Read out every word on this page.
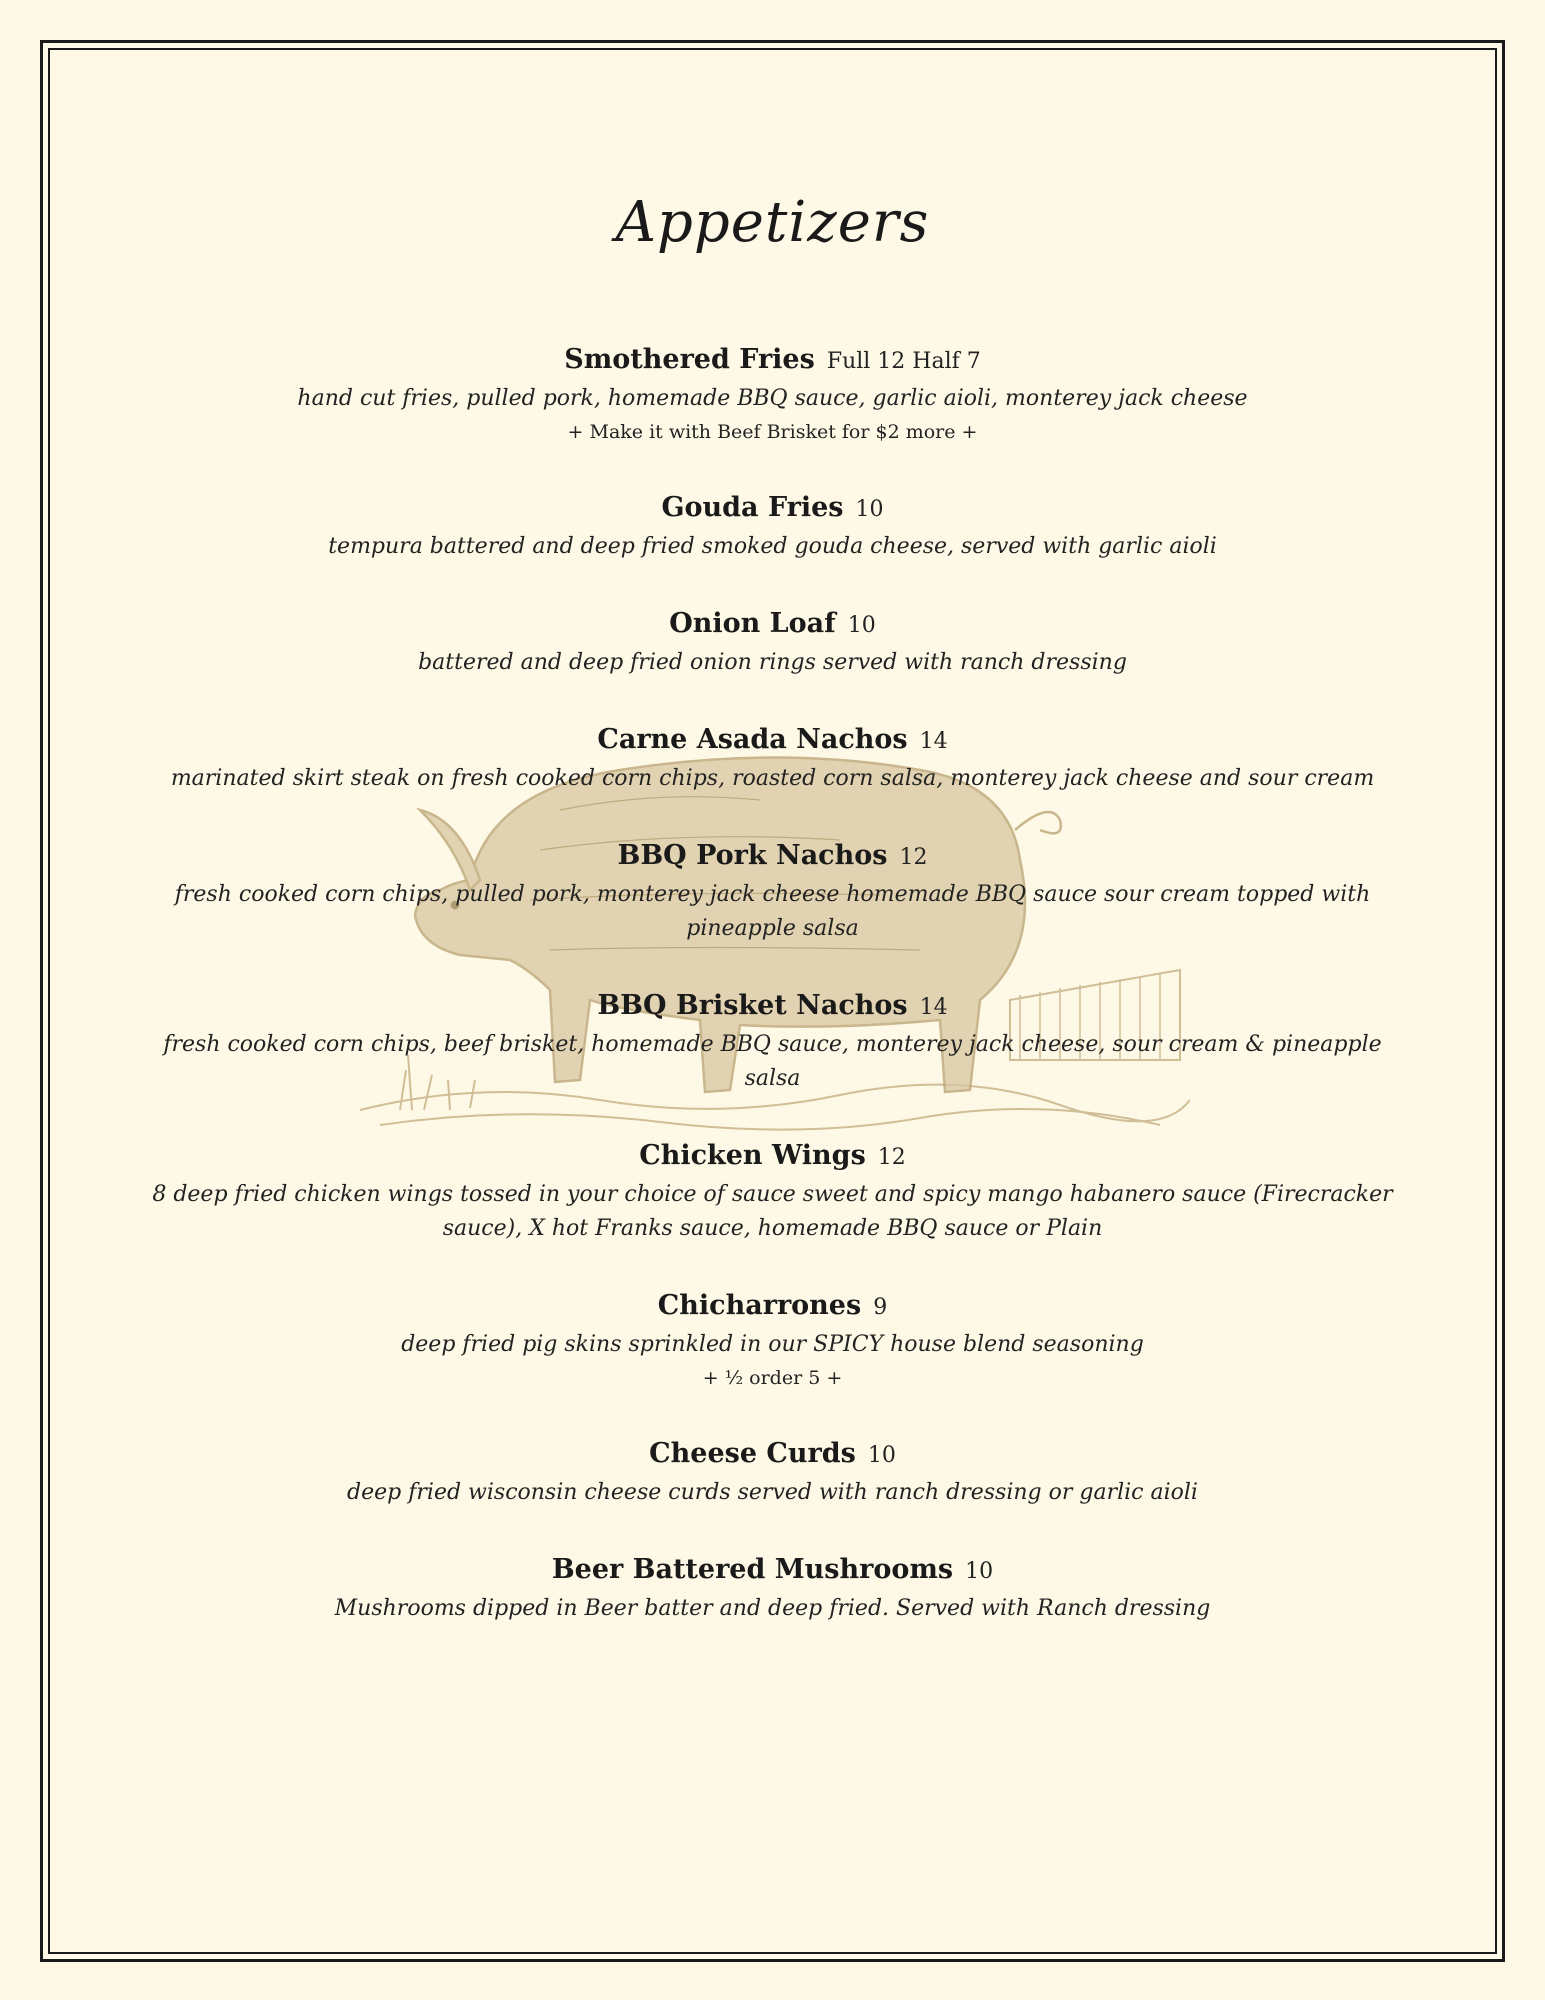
Appetizers
Smothered Fries Full 12 Half 7
hand cut fries, pulled pork, homemade BBQ sauce, garlic aioli, monterey jack cheese
+ Make it with Beef Brisket for $2 more +
Gouda Fries 10
tempura battered and deep fried smoked gouda cheese, served with garlic aioli
Onion Loaf 10
battered and deep fried onion rings served with ranch dressing
Carne Asada Nachos 14
marinated skirt steak on fresh cooked corn chips, roasted corn salsa, monterey jack cheese and sour cream
BBQ Pork Nachos 12
fresh cooked corn chips, pulled pork, monterey jack cheese homemade BBQ sauce sour cream topped with pineapple salsa
BBQ Brisket Nachos 14
fresh cooked corn chips, beef brisket, homemade BBQ sauce, monterey jack cheese, sour cream & pineapple salsa
Chicken Wings 12
8 deep fried chicken wings tossed in your choice of sauce sweet and spicy mango habanero sauce (Firecracker sauce), X hot Franks sauce, homemade BBQ sauce or Plain
Chicharrones 9
deep fried pig skins sprinkled in our SPICY house blend seasoning
+ ½ order 5 +
Cheese Curds 10
deep fried wisconsin cheese curds served with ranch dressing or garlic aioli
Beer Battered Mushrooms 10
Mushrooms dipped in Beer batter and deep fried. Served with Ranch dressing
